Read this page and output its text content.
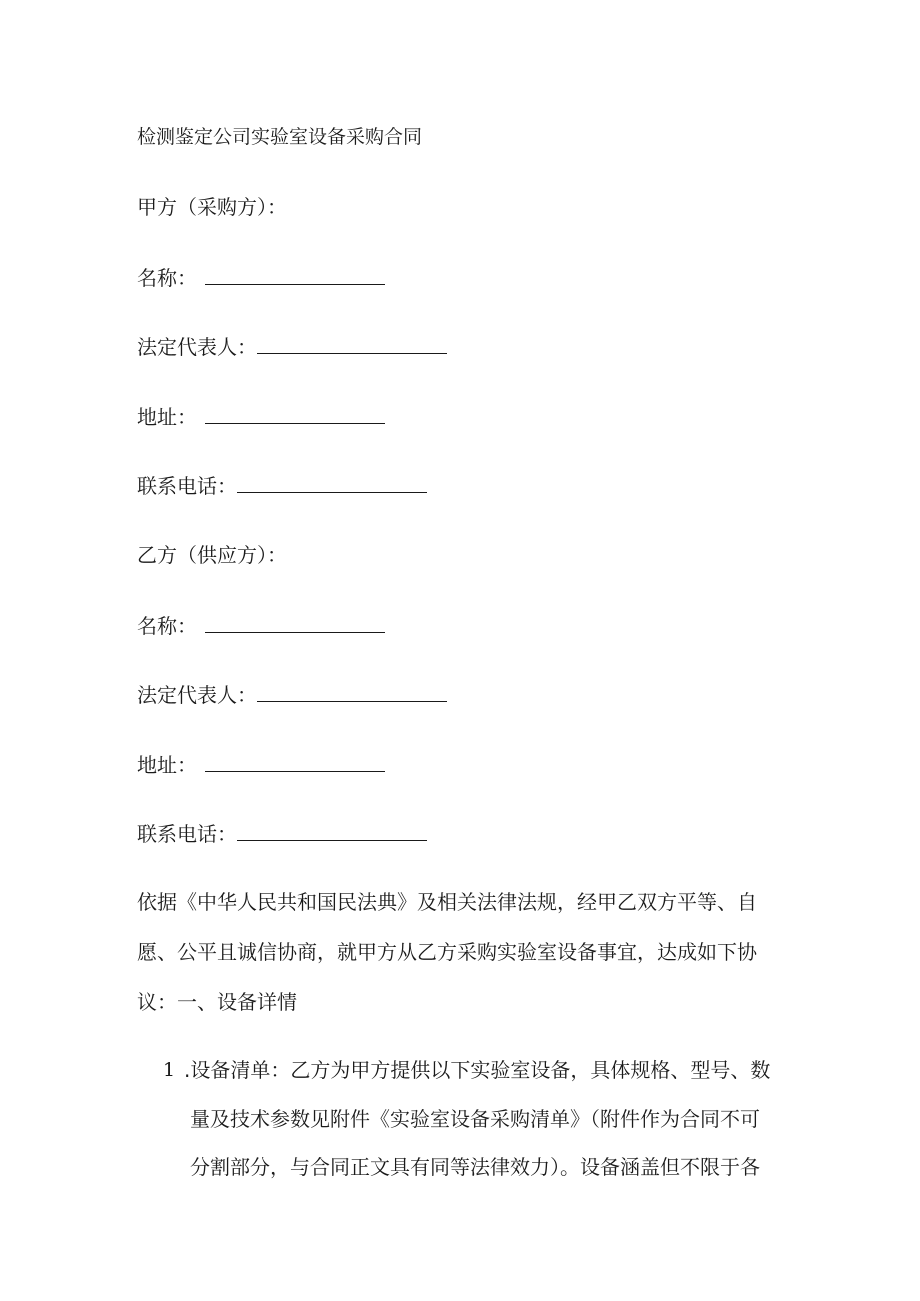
检测鉴定公司实验室设备采购合同
甲方（采购方）：
名称：
法定代表人：
地址：
联系电话：
乙方（供应方）：
名称：
法定代表人：
地址：
联系电话：
依据《中华人民共和国民法典》及相关法律法规，经甲乙双方平等、自
愿、公平且诚信协商，就甲方从乙方采购实验室设备事宜，达成如下协
议：一、设备详情
1 .设备清单：乙方为甲方提供以下实验室设备，具体规格、型号、数
量及技术参数见附件《实验室设备采购清单》（附件作为合同不可
分割部分，与合同正文具有同等法律效力）。设备涵盖但不限于各
